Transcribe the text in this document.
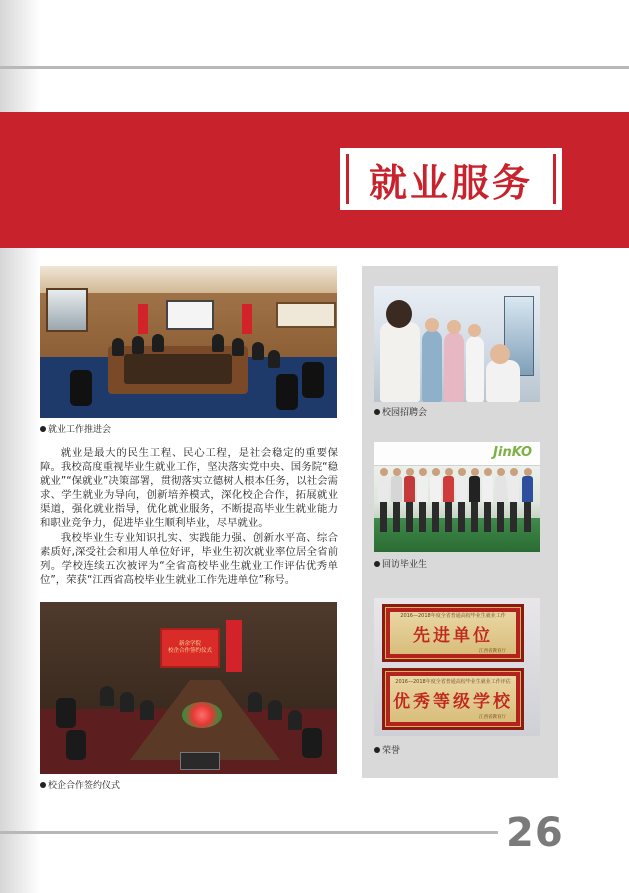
就业服务
就业工作推进会

就业是最大的民生工程、民心工程，是社会稳定的重要保障。我校高度重视毕业生就业工作，坚决落实党中央、国务院“稳就业”“保就业”决策部署，贯彻落实立德树人根本任务，以社会需求、学生就业为导向，创新培养模式，深化校企合作，拓展就业渠道，强化就业指导，优化就业服务，不断提高毕业生就业能力和职业竞争力，促进毕业生顺利毕业，尽早就业。

我校毕业生专业知识扎实、实践能力强、创新水平高、综合素质好,深受社会和用人单位好评，毕业生初次就业率位居全省前列。学校连续五次被评为“全省高校毕业生就业工作评估优秀单位”，荣获“江西省高校毕业生就业工作先进单位”称号。

新余学院
校企合作签约仪式
校企合作签约仪式
校园招聘会
JinKO
回访毕业生
2016—2018年度全省普通高校毕业生就业工作
先进单位
江西省教育厅
2016—2018年度全省普通高校毕业生就业工作评估
优秀等级学校
江西省教育厅
荣誉
26
